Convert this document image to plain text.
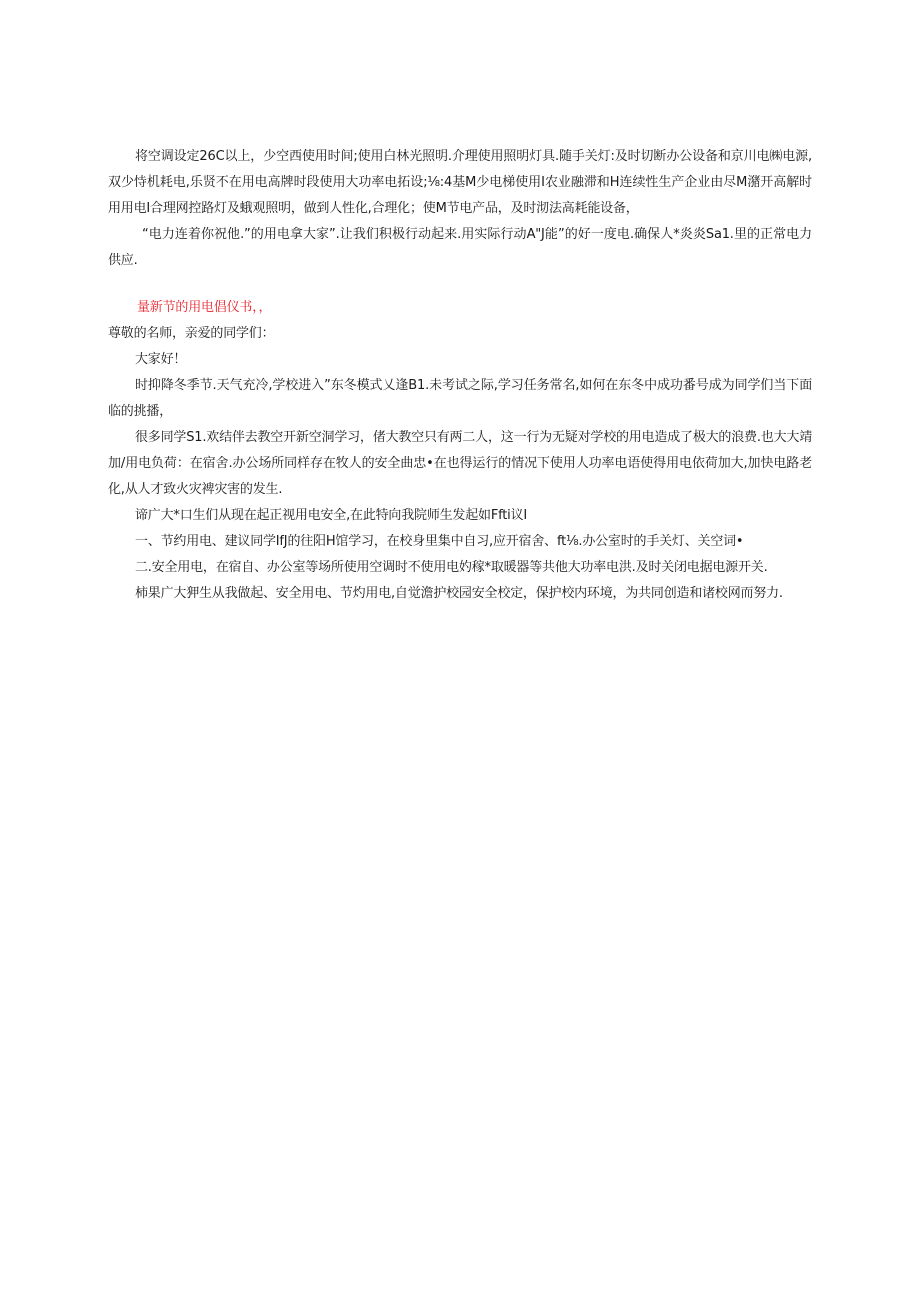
将空调设定26C以上，少空西使用时间;使用白林光照明.介理使用照明灯具.随手关灯:及时切断办公设备和京川电㈱电源,双少恃机耗电,乐贤不在用电高牌时段使用大功率电拓设;⅛:4基M少电梯使用I农业融滞和H连续性生产企业由尽M潴开高解时用用电I合理网控路灯及蛾观照明，做到人性化,合理化；使M节电产品，及时沏法高耗能设备，

“电力连着你祝他.”的用电拿大家”.让我们积极行动起来.用实际行动A"J能”的好一度电.确保人*炎炎Sa1.里的正常电力供应.

量新节的用电倡仪书，，

尊敬的名师，亲爱的同学们：

大家好！

时抑降冬季节.天气充冷,学校进入”东冬模式乂逢B1.未考试之际,学习任务常名,如何在东冬中成功番号成为同学们当下面临的挑播，

很多同学S1.欢结伴去教空开新空洞学习，偖大教空只有两二人，这一行为无疑对学校的用电造成了极大的浪费.也大大靖加/用电负荷：在宿舍.办公场所同样存在牧人的安全曲忠•在也得运行的情况下使用人功率电语使得用电依荷加大,加快电路老化,从人才致火灾裨灾害的发生.

谛广大*口生们从现在起正视用电安全,在此特向我院师生发起如Ffti议I

一、节约用电、建议同学IfJ的往阳H馆学习，在校身里集中自习,应开宿舍、ft⅛.办公室时的手关灯、关空词•

二.安全用电，在宿自、办公室等场所使用空调时不使用电妁稼*取暖器等共他大功率电洪.及时关闭电据电源开关.

柿果广大狎生从我做起、安全用电、节灼用电,自觉澹护校园安全校定，保护校内环境，为共同创造和诸校网而努力.
